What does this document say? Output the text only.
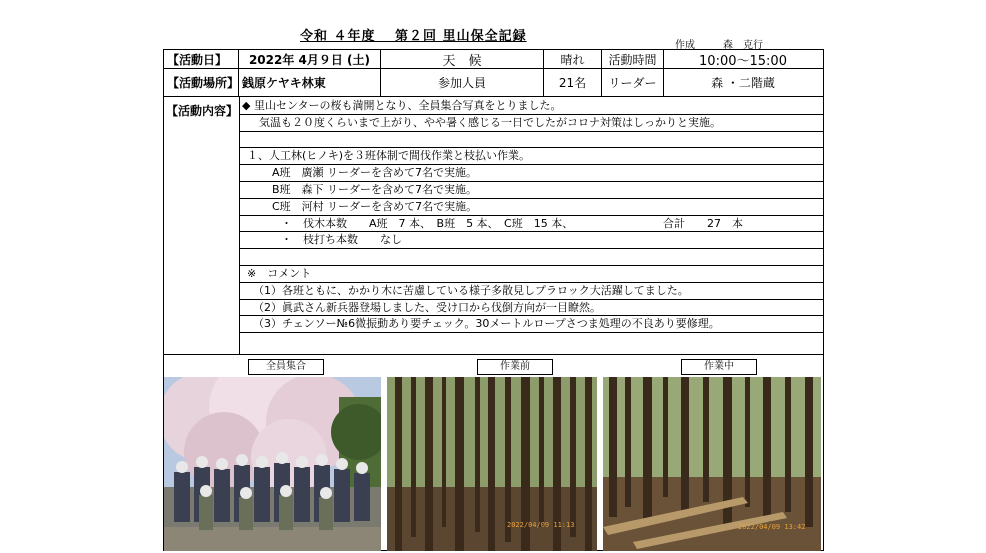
令和 ４年度　 第２回 里山保全記録
作成	森　克行
【活動日】	2022年 4月９日 (土)	天　候	晴れ	活動時間	10:00～15:00
【活動場所】 銭原ケヤキ林東	参加人員	21名	リーダー	森 ・二階蔵
【活動内容】 ◆ 里山センターの桜も満開となり、全員集合写真をとりました。
気温も２０度くらいまで上がり、やや暑く感じる一日でしたがコロナ対策はしっかりと実施。
１、人工林(ヒノキ)を３班体制で間伐作業と枝払い作業。
A班　廣瀬 リーダーを含めて7名で実施。
B班　森下 リーダーを含めて7名で実施。
C班　河村 リーダーを含めて7名で実施。
・　伐木本数　　A班　7 本、　B班　5 本、　C班　15 本、	合計　　27　本
・　枝打ち本数　　なし
※　コメント
（1）各班ともに、かかり木に苦慮している様子多散見しプラロック大活躍してました。
（2）眞武さん新兵器登場しました、受け口から伐倒方向が一目瞭然。
（3）チェンソー№6微振動あり要チェック。30メートルロープさつま処理の不良あり要修理。
全員集合	作業前	作業中
2022/04/09 11:13	2022/04/09 13:42
